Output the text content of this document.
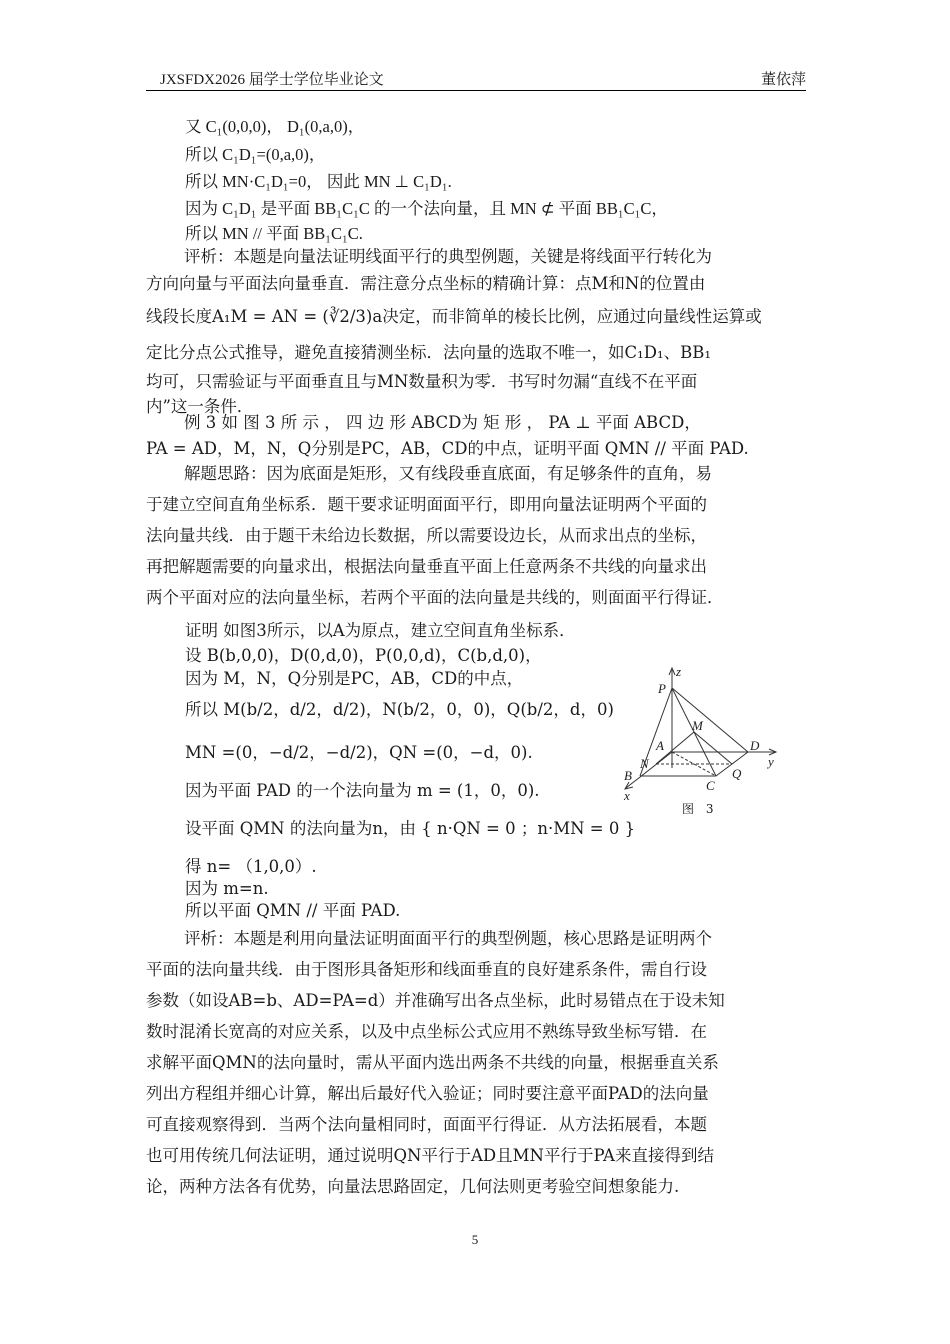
JXSFDX2026 届学士学位毕业论文	董依萍
又 C₁(0,0,0)， D₁(0,a,0)，
所以 C₁D₁=(0,a,0)，
所以 MN·C₁D₁=0， 因此 MN ⊥ C₁D₁.
因为 C₁D₁ 是平面 BB₁C₁C 的一个法向量，且 MN ⊄ 平面 BB₁C₁C，
所以 MN // 平面 BB₁C₁C.

评析：本题是向量法证明线面平行的典型例题，关键是将线面平行转化为

方向向量与平面法向量垂直．需注意分点坐标的精确计算：点M和N的位置由

线段长度A₁M = AN = (∛2/3)a决定，而非简单的棱长比例，应通过向量线性运算或

定比分点公式推导，避免直接猜测坐标．法向量的选取不唯一，如C₁D₁、BB₁

均可，只需验证与平面垂直且与MN数量积为零．书写时勿漏“直线不在平面

内”这一条件．

例 3 如 图 3 所 示 ， 四 边 形 ABCD为 矩 形 ， PA ⊥ 平面 ABCD，

PA = AD，M，N，Q分别是PC，AB，CD的中点，证明平面 QMN // 平面 PAD.

解题思路：因为底面是矩形，又有线段垂直底面，有足够条件的直角，易

于建立空间直角坐标系．题干要求证明面面平行，即用向量法证明两个平面的

法向量共线．由于题干未给边长数据，所以需要设边长，从而求出点的坐标，

再把解题需要的向量求出，根据法向量垂直平面上任意两条不共线的向量求出

两个平面对应的法向量坐标，若两个平面的法向量是共线的，则面面平行得证．

证明 如图3所示，以A为原点，建立空间直角坐标系．
设 B(b,0,0)，D(0,d,0)，P(0,0,d)，C(b,d,0)，
因为 M，N，Q分别是PC，AB，CD的中点，
所以 M(b/2，d/2，d/2)，N(b/2，0，0)，Q(b/2，d，0)
MN =(0，−d/2，−d/2)，QN =(0，−d，0).
因为平面 PAD 的一个法向量为 m = (1，0，0).
设平面 QMN 的法向量为n，由 { n·QN = 0 ；n·MN = 0 }
得 n= （1,0,0）.
因为 m=n.
所以平面 QMN // 平面 PAD.
z
P
M
A	D
y
N
B
C
Q
x
图 3

评析：本题是利用向量法证明面面平行的典型例题，核心思路是证明两个

平面的法向量共线．由于图形具备矩形和线面垂直的良好建系条件，需自行设

参数（如设AB=b、AD=PA=d）并准确写出各点坐标，此时易错点在于设未知

数时混淆长宽高的对应关系，以及中点坐标公式应用不熟练导致坐标写错．在

求解平面QMN的法向量时，需从平面内选出两条不共线的向量，根据垂直关系

列出方程组并细心计算，解出后最好代入验证；同时要注意平面PAD的法向量

可直接观察得到．当两个法向量相同时，面面平行得证．从方法拓展看，本题

也可用传统几何法证明，通过说明QN平行于AD且MN平行于PA来直接得到结

论，两种方法各有优势，向量法思路固定，几何法则更考验空间想象能力.

5
